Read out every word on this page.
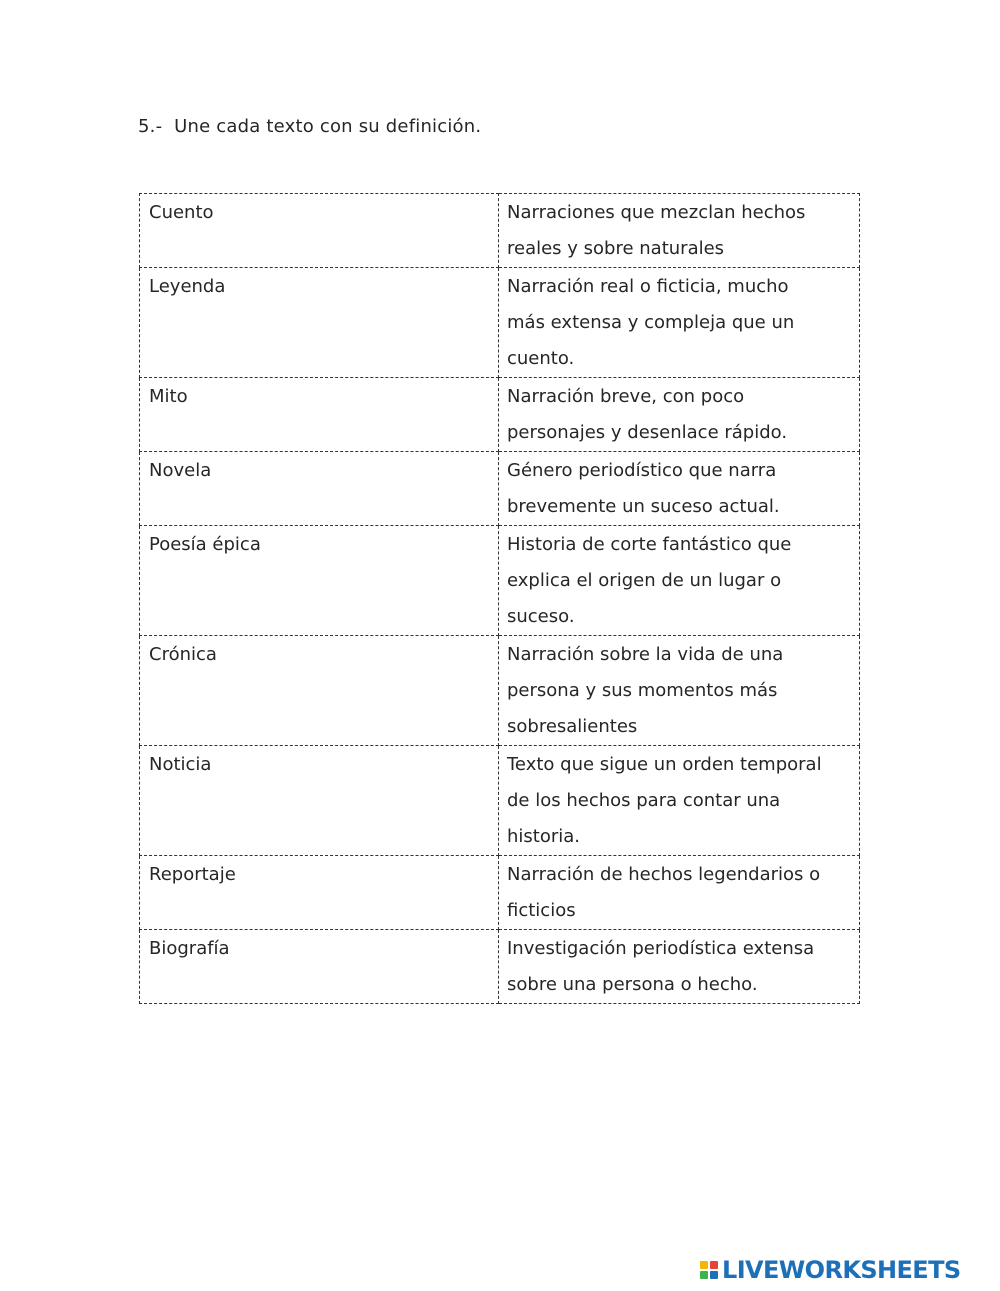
5.-  Une cada texto con su definición.
Cuento	Narraciones que mezclan hechos
reales y sobre naturales

Leyenda	Narración real o ficticia, mucho
más extensa y compleja que un
cuento.

Mito	Narración breve, con poco
personajes y desenlace rápido.

Novela	Género periodístico que narra
brevemente un suceso actual.

Poesía épica	Historia de corte fantástico que
explica el origen de un lugar o
suceso.

Crónica	Narración sobre la vida de una
persona y sus momentos más
sobresalientes

Noticia	Texto que sigue un orden temporal
de los hechos para contar una
historia.

Reportaje	Narración de hechos legendarios o
ficticios

Biografía	Investigación periodística extensa
sobre una persona o hecho.
LIVEWORKSHEETS
